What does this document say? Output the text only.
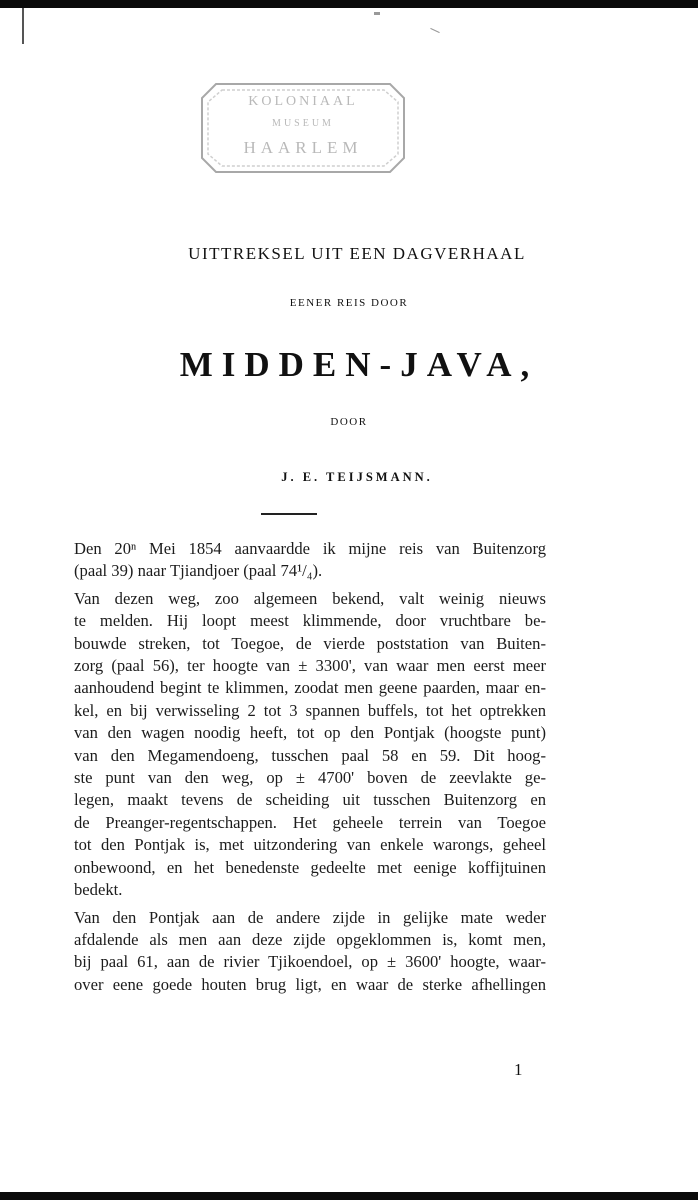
KOLONIAAL
MUSEUM
HAARLEM
UITTREKSEL UIT EEN DAGVERHAAL
EENER REIS DOOR
MIDDEN-JAVA,
DOOR
J. E. TEIJSMANN.
Den 20ⁿ Mei 1854 aanvaardde ik mijne reis van Buitenzorg
(paal 39) naar Tjiandjoer (paal 74¹/₄).
Van dezen weg, zoo algemeen bekend, valt weinig nieuws
te melden. Hij loopt meest klimmende, door vruchtbare be-
bouwde streken, tot Toegoe, de vierde poststation van Buiten-
zorg (paal 56), ter hoogte van ± 3300', van waar men eerst meer
aanhoudend begint te klimmen, zoodat men geene paarden, maar en-
kel, en bij verwisseling 2 tot 3 spannen buffels, tot het optrekken
van den wagen noodig heeft, tot op den Pontjak (hoogste punt)
van den Megamendoeng, tusschen paal 58 en 59. Dit hoog-
ste punt van den weg, op ± 4700' boven de zeevlakte ge-
legen, maakt tevens de scheiding uit tusschen Buitenzorg en
de Preanger-regentschappen. Het geheele terrein van Toegoe
tot den Pontjak is, met uitzondering van enkele warongs, geheel
onbewoond, en het benedenste gedeelte met eenige koffijtuinen
bedekt.
Van den Pontjak aan de andere zijde in gelijke mate weder
afdalende als men aan deze zijde opgeklommen is, komt men,
bij paal 61, aan de rivier Tjikoendoel, op ± 3600' hoogte, waar-
over eene goede houten brug ligt, en waar de sterke afhellingen
1
